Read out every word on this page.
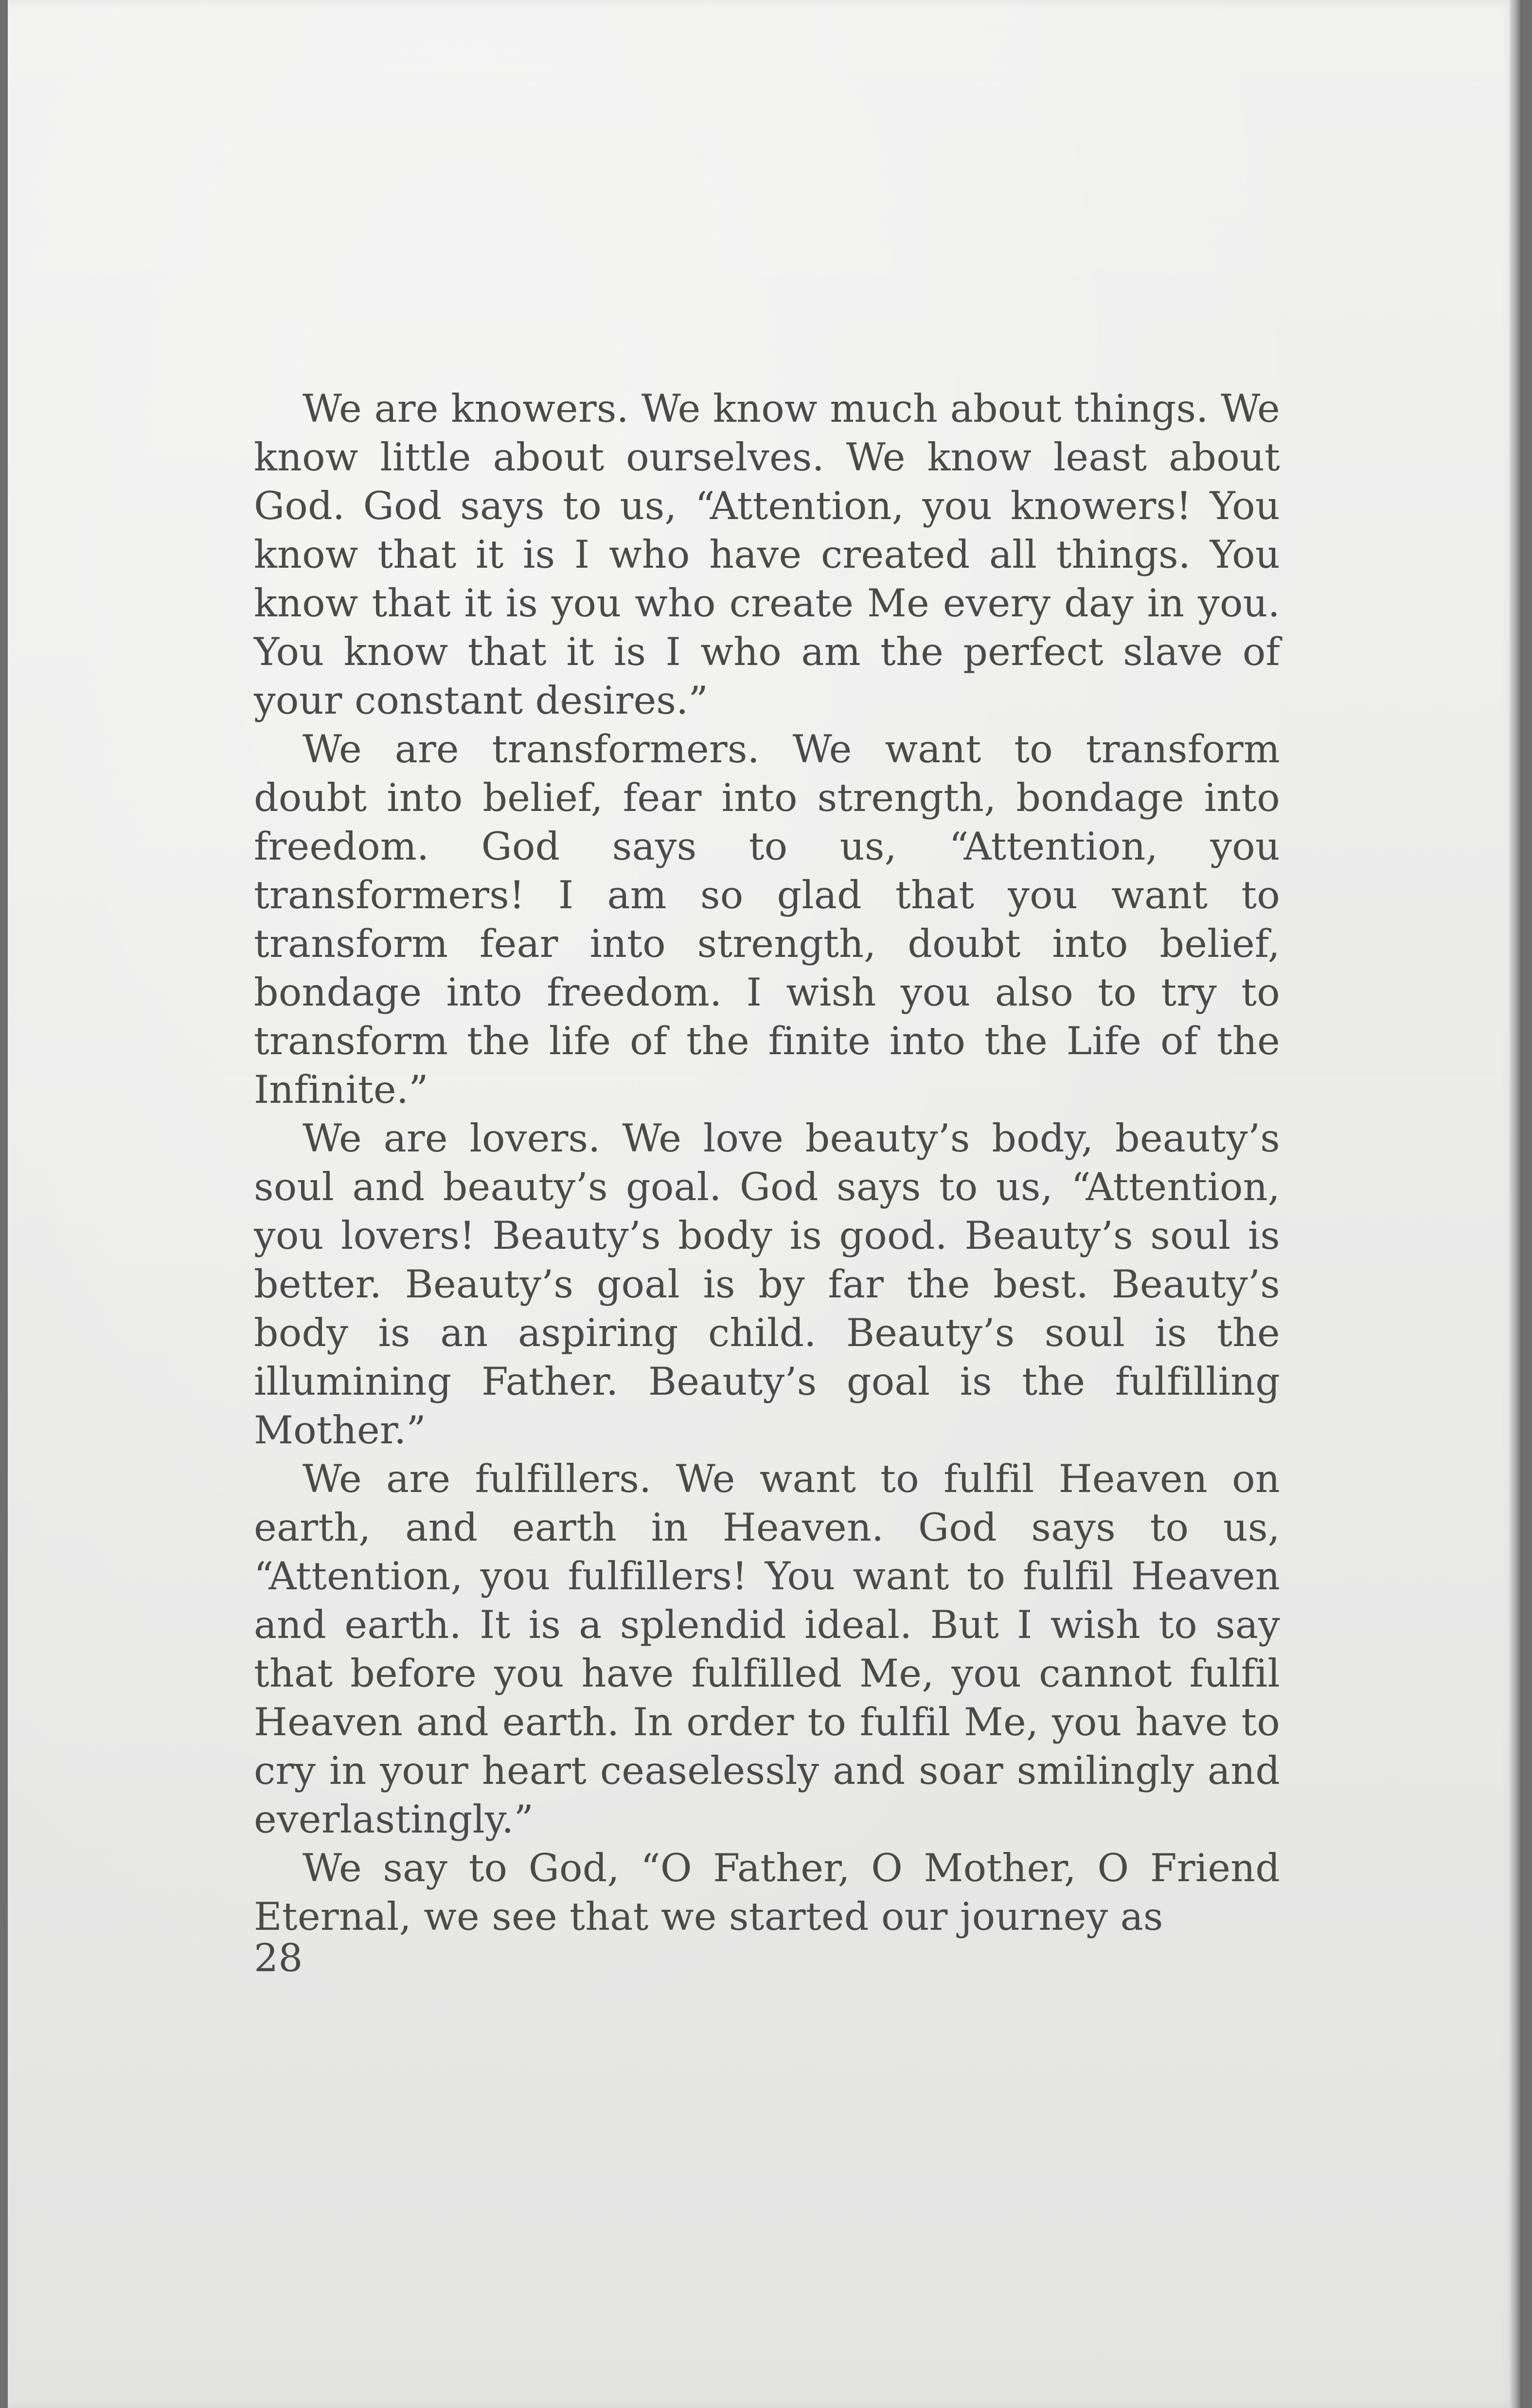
We are knowers. We know much about things. We know little about ourselves. We know least about God. God says to us, “Attention, you knowers! You know that it is I who have created all things. You know that it is you who create Me every day in you. You know that it is I who am the perfect slave of your constant desires.”

We are transformers. We want to transform doubt into belief, fear into strength, bondage into freedom. God says to us, “Attention, you transformers! I am so glad that you want to transform fear into strength, doubt into belief, bondage into freedom. I wish you also to try to transform the life of the finite into the Life of the Infinite.”

We are lovers. We love beauty’s body, beauty’s soul and beauty’s goal. God says to us, “Attention, you lovers! Beauty’s body is good. Beauty’s soul is better. Beauty’s goal is by far the best. Beauty’s body is an aspiring child. Beauty’s soul is the illumining Father. Beauty’s goal is the fulfilling Mother.”

We are fulfillers. We want to fulfil Heaven on earth, and earth in Heaven. God says to us, “Attention, you fulfillers! You want to fulfil Heaven and earth. It is a splendid ideal. But I wish to say that before you have fulfilled Me, you cannot fulfil Heaven and earth. In order to fulfil Me, you have to cry in your heart ceaselessly and soar smilingly and everlastingly.”

We say to God, “O Father, O Mother, O Friend Eternal, we see that we started our journey as

28
